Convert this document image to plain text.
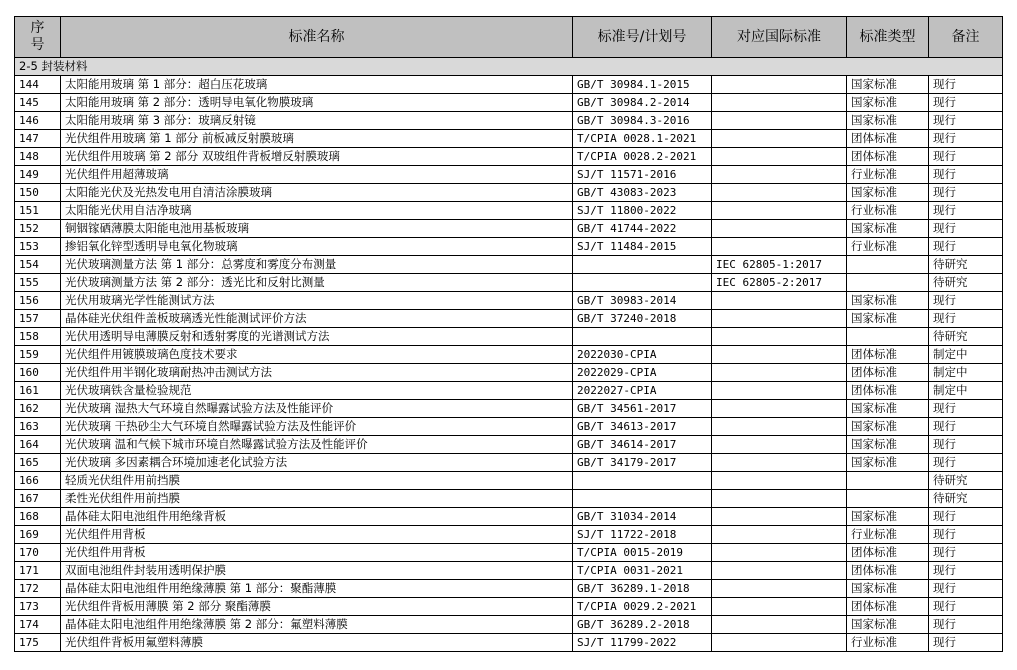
序
号	标准名称	标准号/计划号	对应国际标准	标准类型	备注
2-5 封装材料					
144	太阳能用玻璃 第 1 部分：超白压花玻璃	GB/T 30984.1-2015		国家标准	现行
145	太阳能用玻璃 第 2 部分：透明导电氧化物膜玻璃	GB/T 30984.2-2014		国家标准	现行
146	太阳能用玻璃 第 3 部分：玻璃反射镜	GB/T 30984.3-2016		国家标准	现行
147	光伏组件用玻璃 第 1 部分 前板减反射膜玻璃	T/CPIA 0028.1-2021		团体标准	现行
148	光伏组件用玻璃 第 2 部分 双玻组件背板增反射膜玻璃	T/CPIA 0028.2-2021		团体标准	现行
149	光伏组件用超薄玻璃	SJ/T 11571-2016		行业标准	现行
150	太阳能光伏及光热发电用自清洁涂膜玻璃	GB/T 43083-2023		国家标准	现行
151	太阳能光伏用自洁净玻璃	SJ/T 11800-2022		行业标准	现行
152	铜铟镓硒薄膜太阳能电池用基板玻璃	GB/T 41744-2022		国家标准	现行
153	掺铝氧化锌型透明导电氧化物玻璃	SJ/T 11484-2015		行业标准	现行
154	光伏玻璃测量方法 第 1 部分：总雾度和雾度分布测量		IEC 62805-1:2017		待研究
155	光伏玻璃测量方法 第 2 部分：透光比和反射比测量		IEC 62805-2:2017		待研究
156	光伏用玻璃光学性能测试方法	GB/T 30983-2014		国家标准	现行
157	晶体硅光伏组件盖板玻璃透光性能测试评价方法	GB/T 37240-2018		国家标准	现行
158	光伏用透明导电薄膜反射和透射雾度的光谱测试方法				待研究
159	光伏组件用镀膜玻璃色度技术要求	2022030-CPIA		团体标准	制定中
160	光伏组件用半钢化玻璃耐热冲击测试方法	2022029-CPIA		团体标准	制定中
161	光伏玻璃铁含量检验规范	2022027-CPIA		团体标准	制定中
162	光伏玻璃 湿热大气环境自然曝露试验方法及性能评价	GB/T 34561-2017		国家标准	现行
163	光伏玻璃 干热砂尘大气环境自然曝露试验方法及性能评价	GB/T 34613-2017		国家标准	现行
164	光伏玻璃 温和气候下城市环境自然曝露试验方法及性能评价	GB/T 34614-2017		国家标准	现行
165	光伏玻璃 多因素耦合环境加速老化试验方法	GB/T 34179-2017		国家标准	现行
166	轻质光伏组件用前挡膜				待研究
167	柔性光伏组件用前挡膜				待研究
168	晶体硅太阳电池组件用绝缘背板	GB/T 31034-2014		国家标准	现行
169	光伏组件用背板	SJ/T 11722-2018		行业标准	现行
170	光伏组件用背板	T/CPIA 0015-2019		团体标准	现行
171	双面电池组件封装用透明保护膜	T/CPIA 0031-2021		团体标准	现行
172	晶体硅太阳电池组件用绝缘薄膜 第 1 部分：聚酯薄膜	GB/T 36289.1-2018		国家标准	现行
173	光伏组件背板用薄膜 第 2 部分 聚酯薄膜	T/CPIA 0029.2-2021		团体标准	现行
174	晶体硅太阳电池组件用绝缘薄膜 第 2 部分：氟塑料薄膜	GB/T 36289.2-2018		国家标准	现行
175	光伏组件背板用氟塑料薄膜	SJ/T 11799-2022		行业标准	现行
